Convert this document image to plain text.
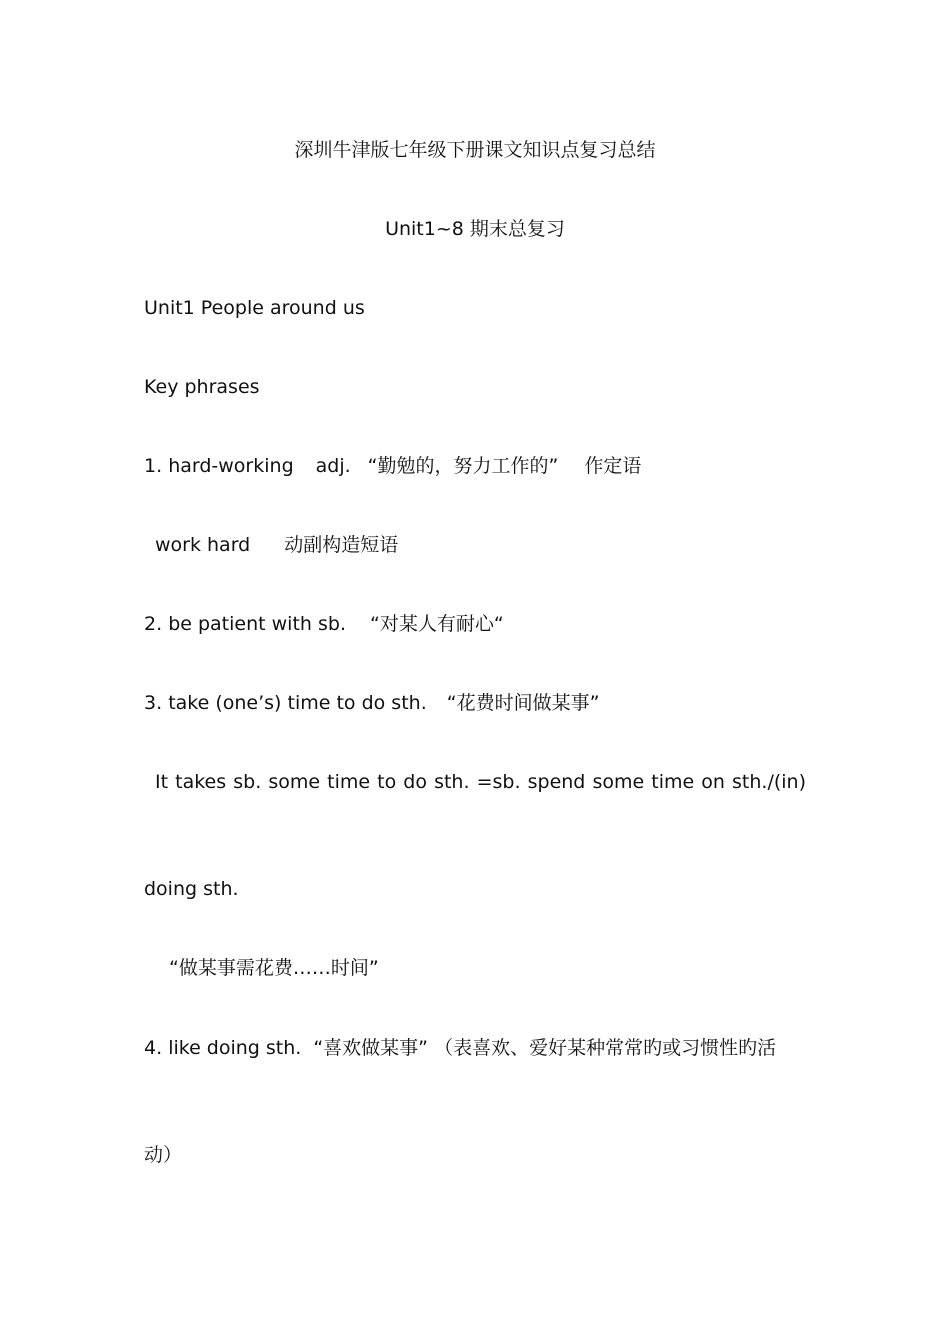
深圳牛津版七年级下册课文知识点复习总结
Unit1~8 期末总复习
Unit1 People around us
Key phrases
1. hard-working adj. “勤勉的，努力工作的” 作定语
work hard 动副构造短语
2. be patient with sb. “对某人有耐心“
3. take (one’s) time to do sth. “花费时间做某事”
It takes sb. some time to do sth. =sb. spend some time on sth./(in)
doing sth.
“做某事需花费……时间”
4. like doing sth. “喜欢做某事” （表喜欢、爱好某种常常旳或习惯性旳活
动）
